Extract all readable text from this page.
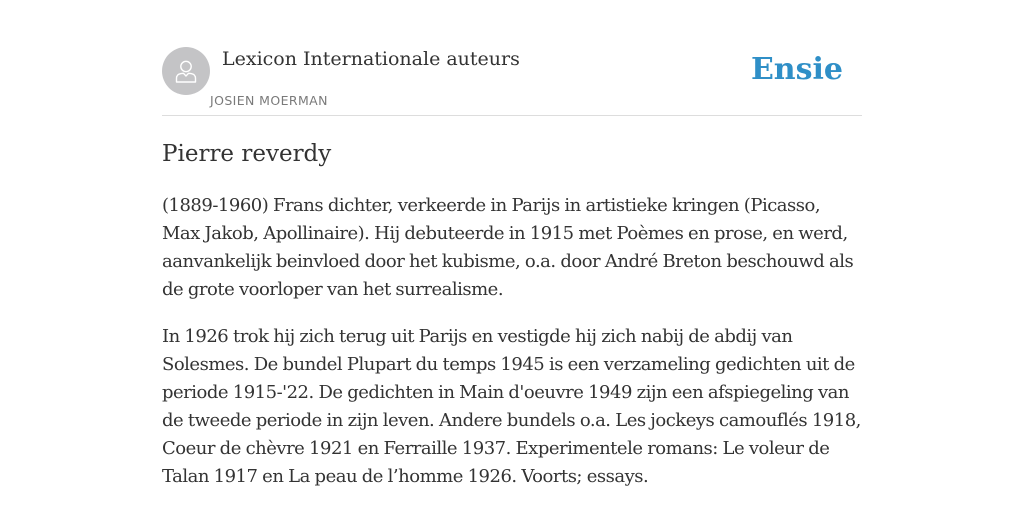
Lexicon Internationale auteurs
JOSIEN MOERMAN
Ensie
Pierre reverdy

(1889-1960) Frans dichter, verkeerde in Parijs in artistieke kringen (Picasso, Max Jakob, Apollinaire). Hij debuteerde in 1915 met Poèmes en prose, en werd, aanvankelijk beinvloed door het kubisme, o.a. door André Breton beschouwd als de grote voorloper van het surrealisme.

In 1926 trok hij zich terug uit Parijs en vestigde hij zich nabij de abdij van Solesmes. De bundel Plupart du temps 1945 is een verzameling gedichten uit de periode 1915-'22. De gedichten in Main d'oeuvre 1949 zijn een afspiegeling van de tweede periode in zijn leven. Andere bundels o.a. Les jockeys camouflés 1918, Coeur de chèvre 1921 en Ferraille 1937. Experimentele romans: Le voleur de Talan 1917 en La peau de l’homme 1926. Voorts; essays.
